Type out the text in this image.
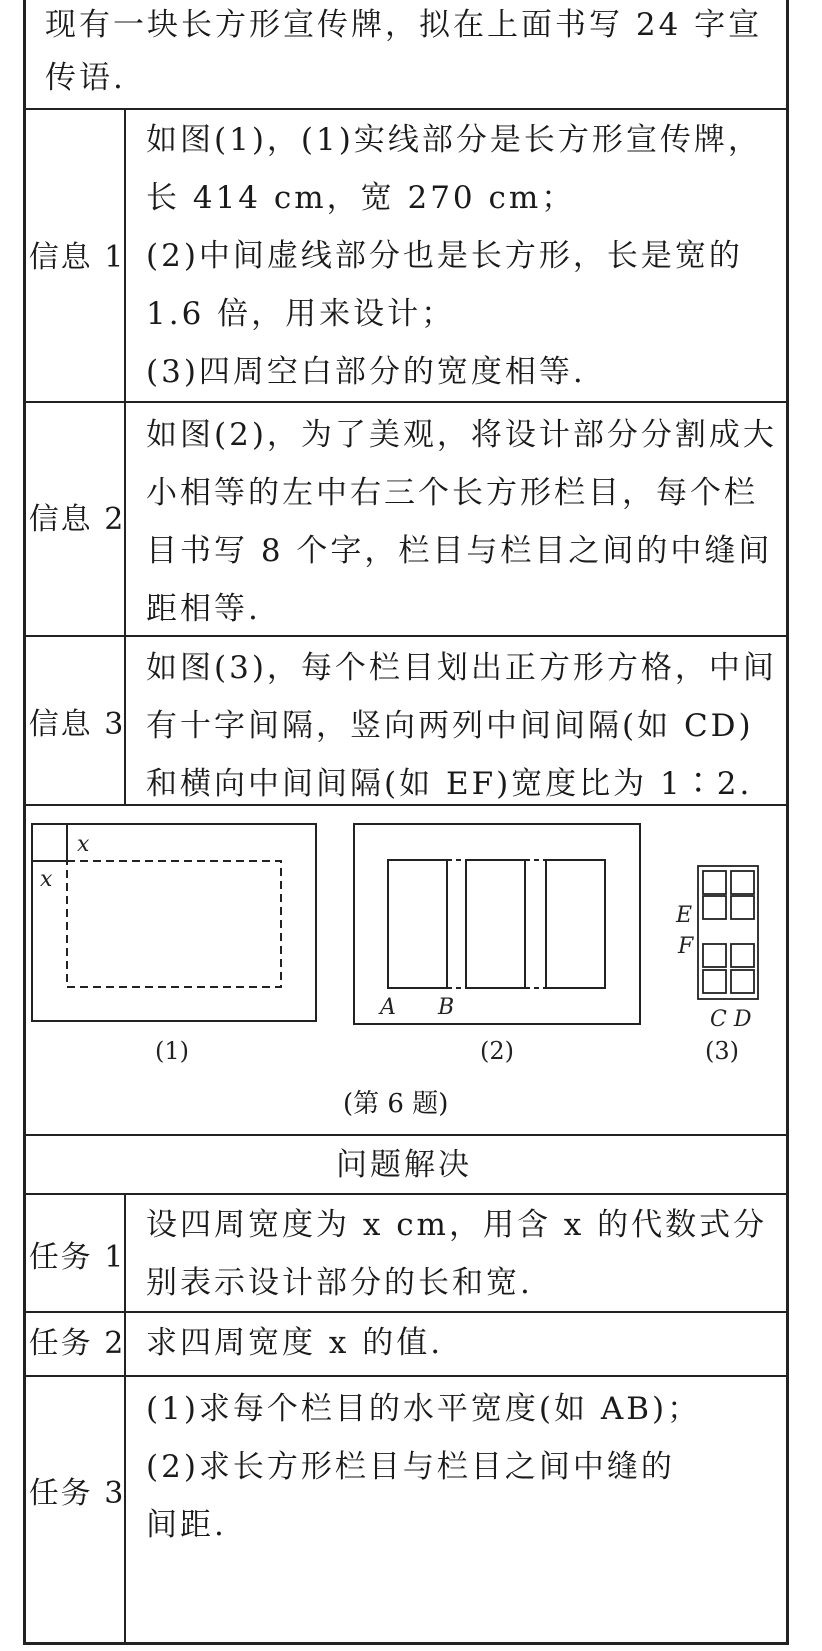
现有一块长方形宣传牌，拟在上面书写 24 字宣
传语.
信息 1
如图(1)，(1)实线部分是长方形宣传牌，
长 414 cm，宽 270 cm；
(2)中间虚线部分也是长方形，长是宽的
1.6 倍，用来设计；
(3)四周空白部分的宽度相等.
信息 2
如图(2)，为了美观，将设计部分分割成大
小相等的左中右三个长方形栏目，每个栏
目书写 8 个字，栏目与栏目之间的中缝间
距相等.
信息 3
如图(3)，每个栏目划出正方形方格，中间
有十字间隔，竖向两列中间间隔(如 CD)
和横向中间间隔(如 EF)宽度比为 1∶2.
x
x
(1)
A B
(2)
E
F
C D
(3)
(第 6 题)
问题解决
任务 1
设四周宽度为 x cm，用含 x 的代数式分
别表示设计部分的长和宽.
任务 2 求四周宽度 x 的值.
任务 3
(1)求每个栏目的水平宽度(如 AB)；
(2)求长方形栏目与栏目之间中缝的
间距.
